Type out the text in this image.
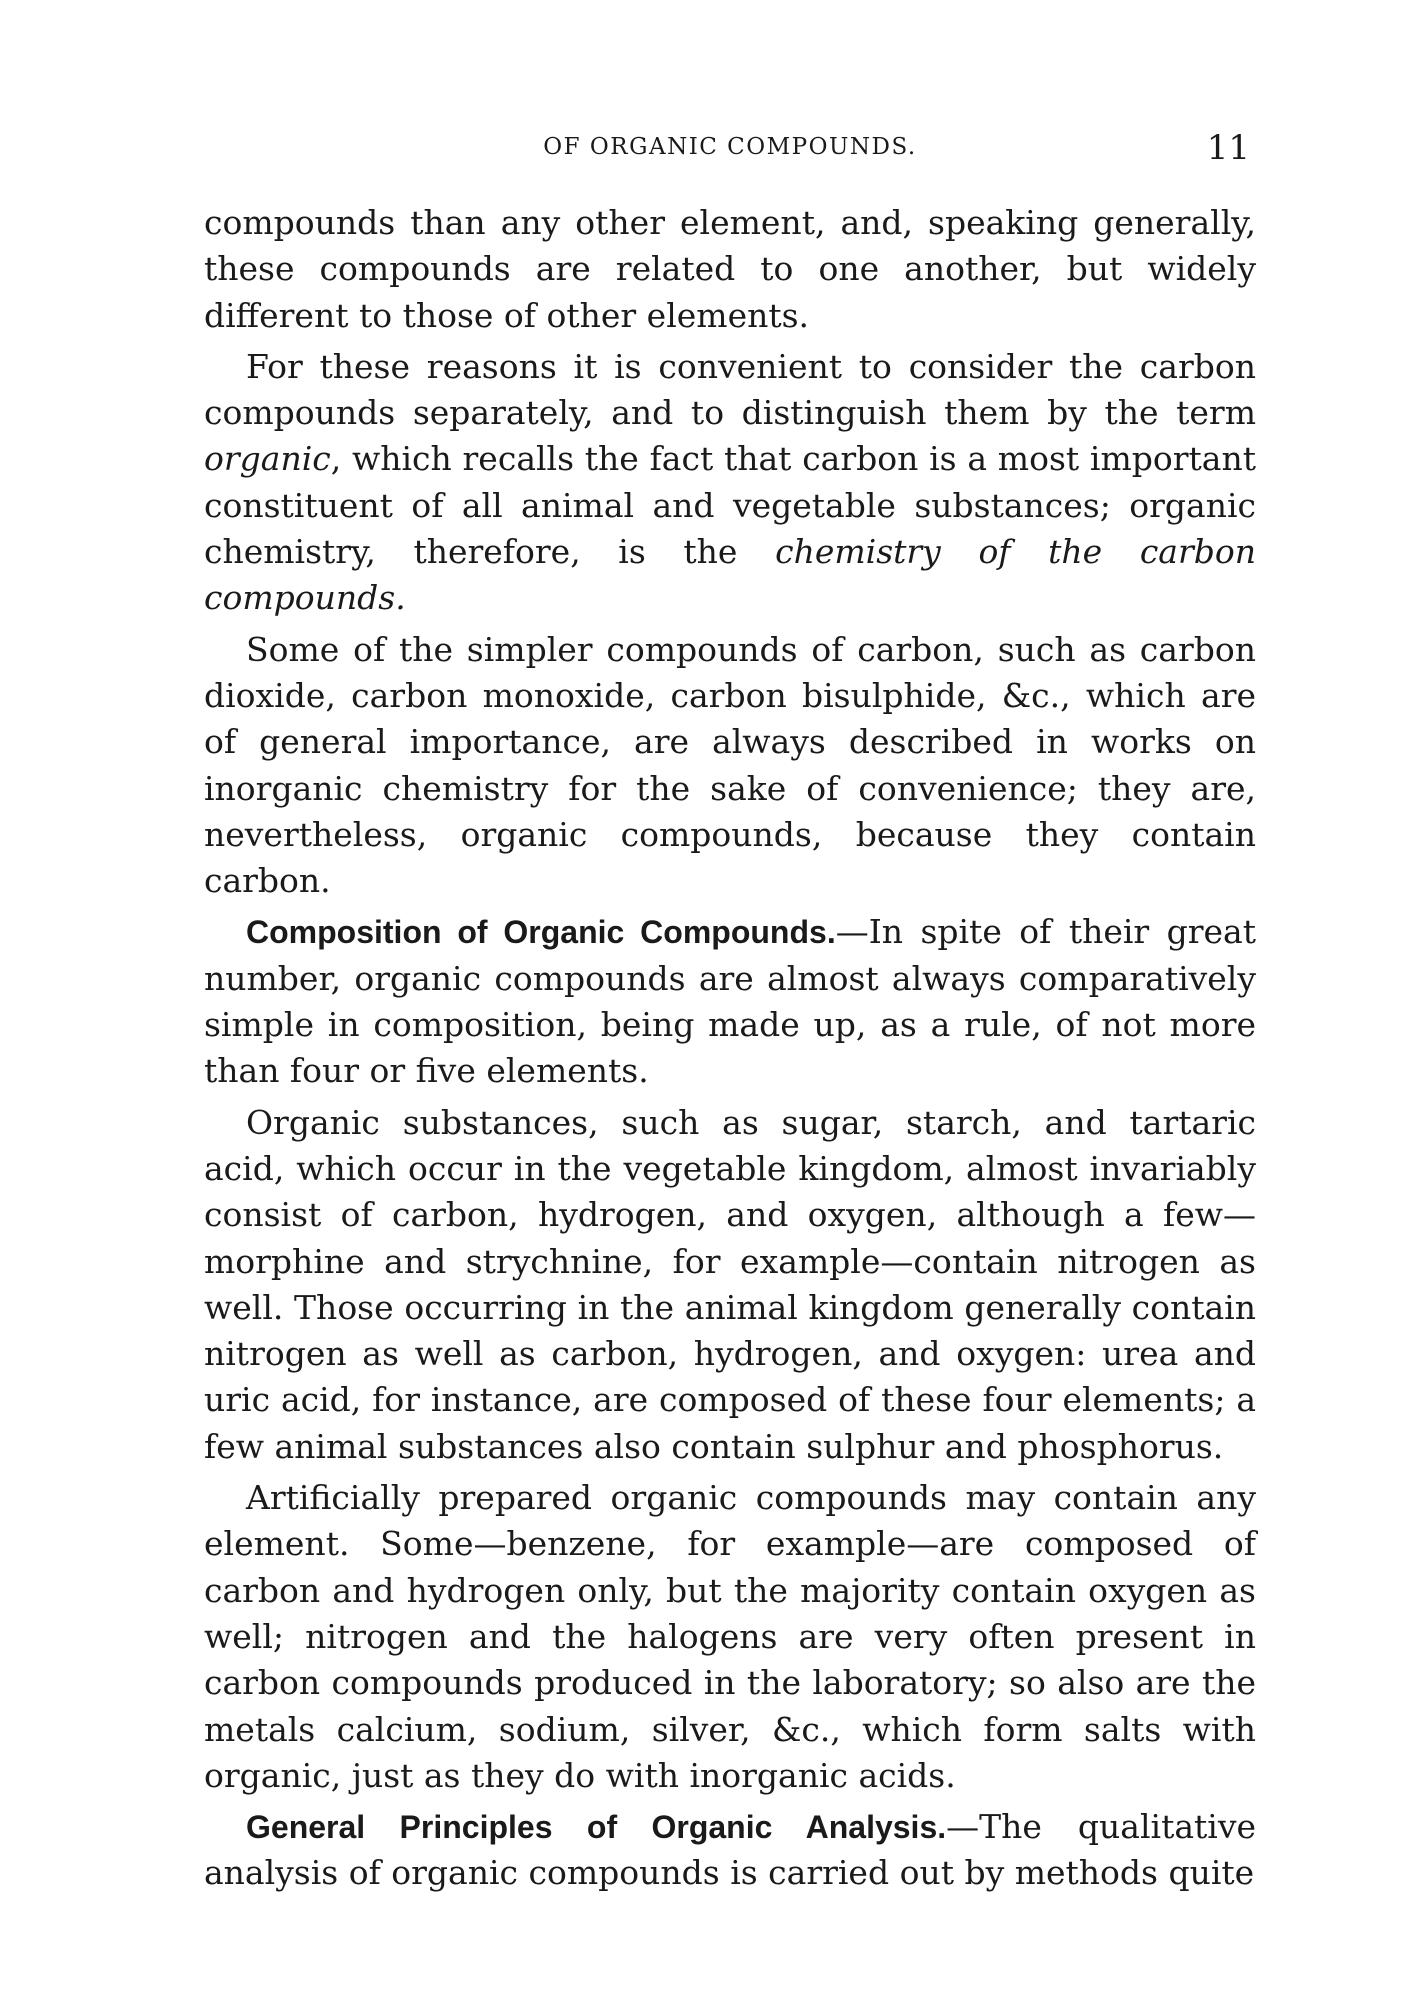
OF ORGANIC COMPOUNDS.	11

compounds than any other element, and, speaking generally, these compounds are related to one another, but widely different to those of other elements.

For these reasons it is convenient to consider the carbon compounds separately, and to distinguish them by the term organic, which recalls the fact that carbon is a most important constituent of all animal and vegetable substances; organic chemistry, therefore, is the chemistry of the carbon compounds.

Some of the simpler compounds of carbon, such as carbon dioxide, carbon monoxide, carbon bisulphide, &c., which are of general importance, are always described in works on inorganic chemistry for the sake of convenience; they are, nevertheless, organic compounds, because they contain carbon.

Composition of Organic Compounds.—In spite of their great number, organic compounds are almost always comparatively simple in composition, being made up, as a rule, of not more than four or five elements.

Organic substances, such as sugar, starch, and tartaric acid, which occur in the vegetable kingdom, almost invariably consist of carbon, hydrogen, and oxygen, although a few—morphine and strychnine, for example—contain nitrogen as well. Those occurring in the animal kingdom generally contain nitrogen as well as carbon, hydrogen, and oxygen: urea and uric acid, for instance, are composed of these four elements; a few animal substances also contain sulphur and phosphorus.

Artificially prepared organic compounds may contain any element. Some—benzene, for example—are composed of carbon and hydrogen only, but the majority contain oxygen as well; nitrogen and the halogens are very often present in carbon compounds produced in the laboratory; so also are the metals calcium, sodium, silver, &c., which form salts with organic, just as they do with inorganic acids.

General Principles of Organic Analysis.—The qualitative analysis of organic compounds is carried out by methods quite
